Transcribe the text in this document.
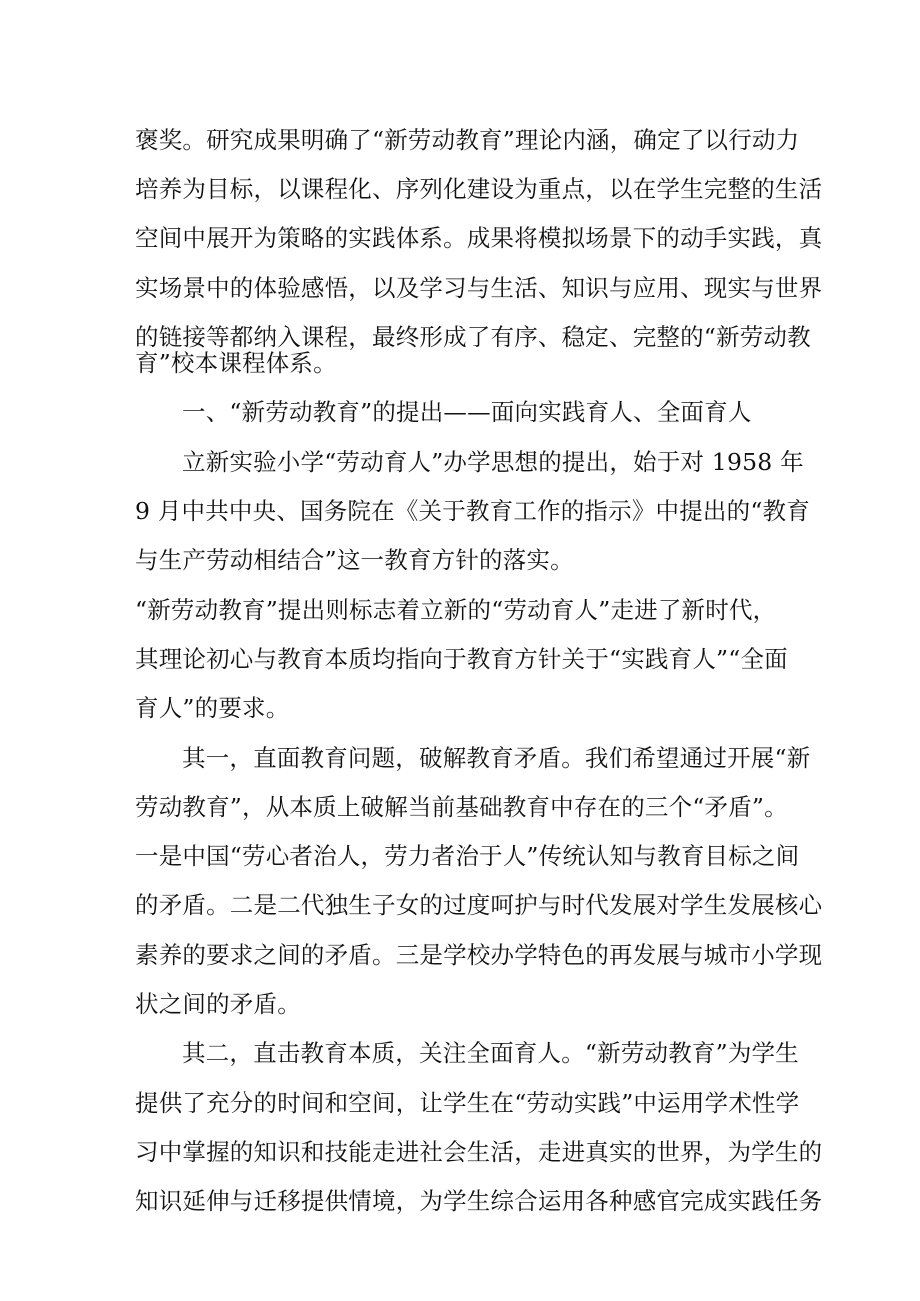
褒奖。研究成果明确了“新劳动教育”理论内涵，确定了以行动力
培养为目标，以课程化、序列化建设为重点，以在学生完整的生活
空间中展开为策略的实践体系。成果将模拟场景下的动手实践，真
实场景中的体验感悟，以及学习与生活、知识与应用、现实与世界
的链接等都纳入课程，最终形成了有序、稳定、完整的“新劳动教
育”校本课程体系。
一、“新劳动教育”的提出——面向实践育人、全面育人
立新实验小学“劳动育人”办学思想的提出，始于对 1958 年
9 月中共中央、国务院在《关于教育工作的指示》中提出的“教育
与生产劳动相结合”这一教育方针的落实。
“新劳动教育”提出则标志着立新的“劳动育人”走进了新时代，
其理论初心与教育本质均指向于教育方针关于“实践育人”“全面
育人”的要求。
其一，直面教育问题，破解教育矛盾。我们希望通过开展“新
劳动教育”，从本质上破解当前基础教育中存在的三个“矛盾”。
一是中国“劳心者治人，劳力者治于人”传统认知与教育目标之间
的矛盾。二是二代独生子女的过度呵护与时代发展对学生发展核心
素养的要求之间的矛盾。三是学校办学特色的再发展与城市小学现
状之间的矛盾。
其二，直击教育本质，关注全面育人。“新劳动教育”为学生
提供了充分的时间和空间，让学生在“劳动实践”中运用学术性学
习中掌握的知识和技能走进社会生活，走进真实的世界，为学生的
知识延伸与迁移提供情境，为学生综合运用各种感官完成实践任务
